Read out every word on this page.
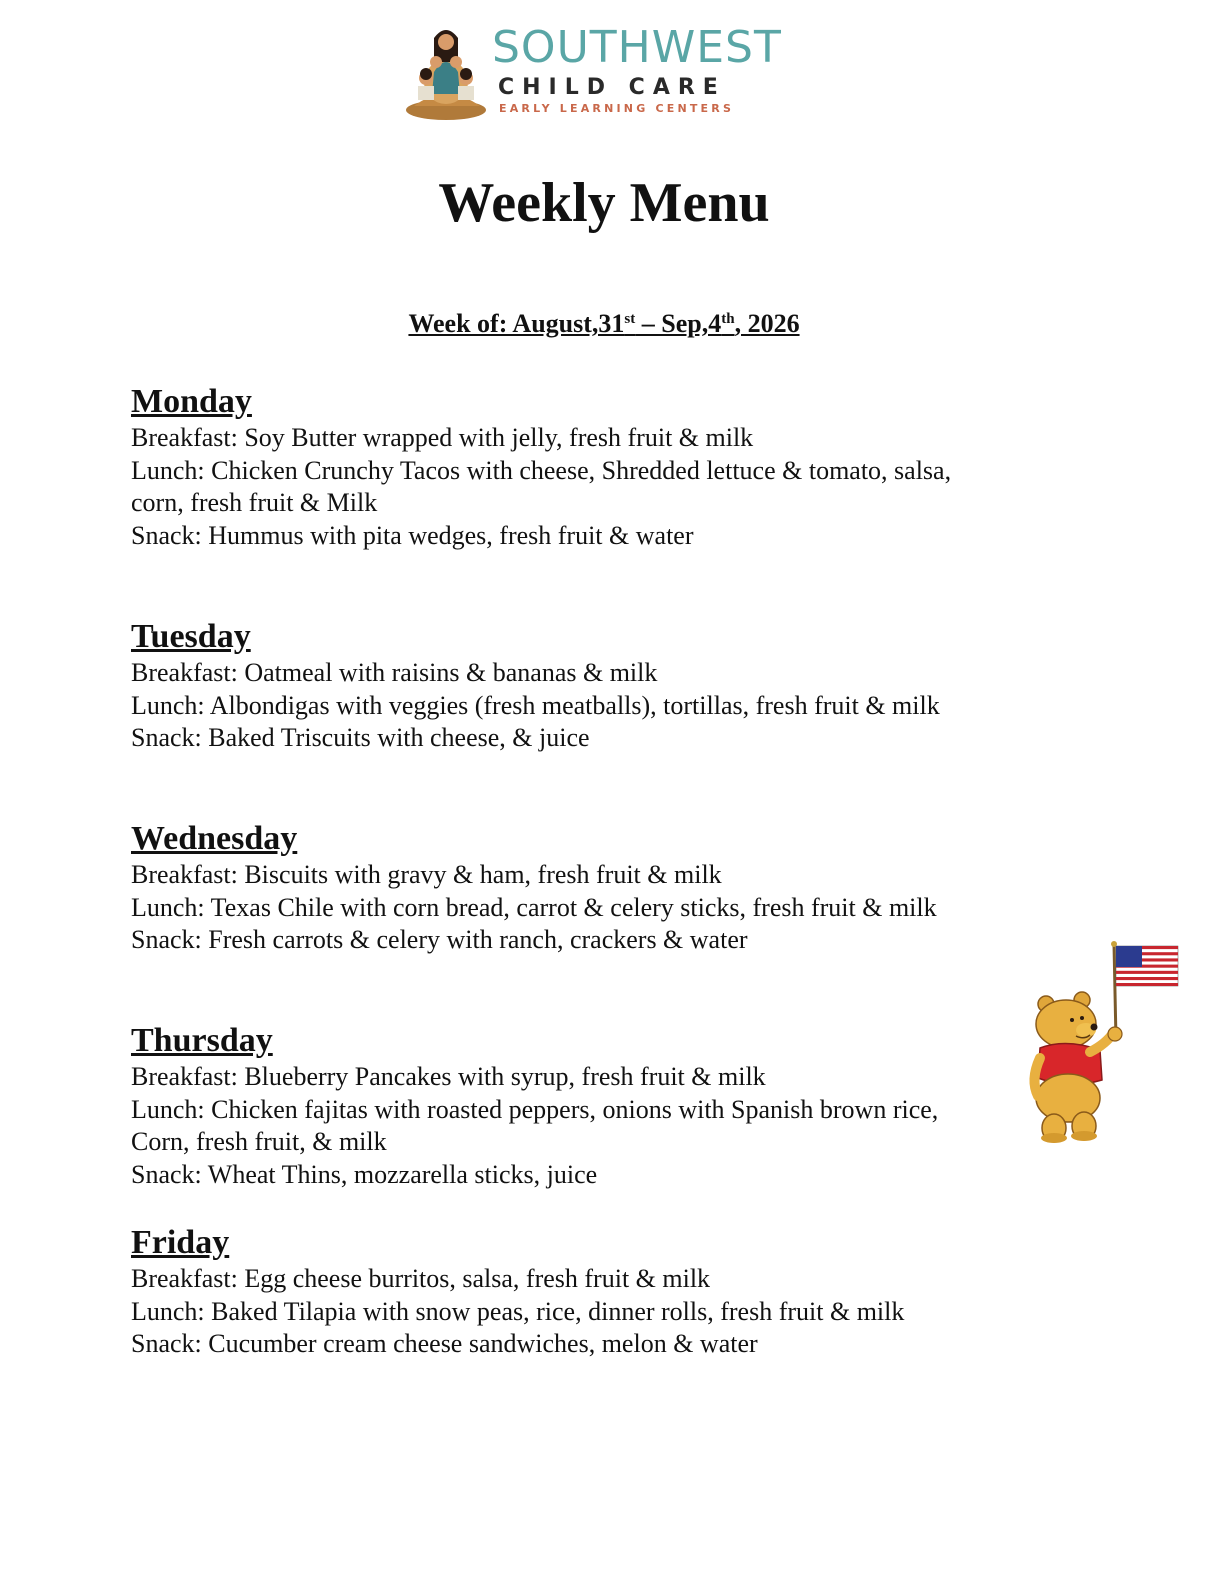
SOUTHWEST
CHILD CARE
EARLY LEARNING CENTERS
Weekly Menu
Week of: August,31st – Sep,4th, 2026
Monday
Breakfast: Soy Butter wrapped with jelly, fresh fruit & milk
Lunch: Chicken Crunchy Tacos with cheese, Shredded lettuce & tomato, salsa,
corn, fresh fruit & Milk
Snack: Hummus with pita wedges, fresh fruit & water
Tuesday
Breakfast: Oatmeal with raisins & bananas & milk
Lunch: Albondigas with veggies (fresh meatballs), tortillas, fresh fruit & milk
Snack: Baked Triscuits with cheese, & juice
Wednesday
Breakfast: Biscuits with gravy & ham, fresh fruit & milk
Lunch: Texas Chile with corn bread, carrot & celery sticks, fresh fruit & milk
Snack: Fresh carrots & celery with ranch, crackers & water
Thursday
Breakfast: Blueberry Pancakes with syrup, fresh fruit & milk
Lunch: Chicken fajitas with roasted peppers, onions with Spanish brown rice,
Corn, fresh fruit, & milk
Snack: Wheat Thins, mozzarella sticks, juice
Friday
Breakfast: Egg cheese burritos, salsa, fresh fruit & milk
Lunch: Baked Tilapia with snow peas, rice, dinner rolls, fresh fruit & milk
Snack: Cucumber cream cheese sandwiches, melon & water
